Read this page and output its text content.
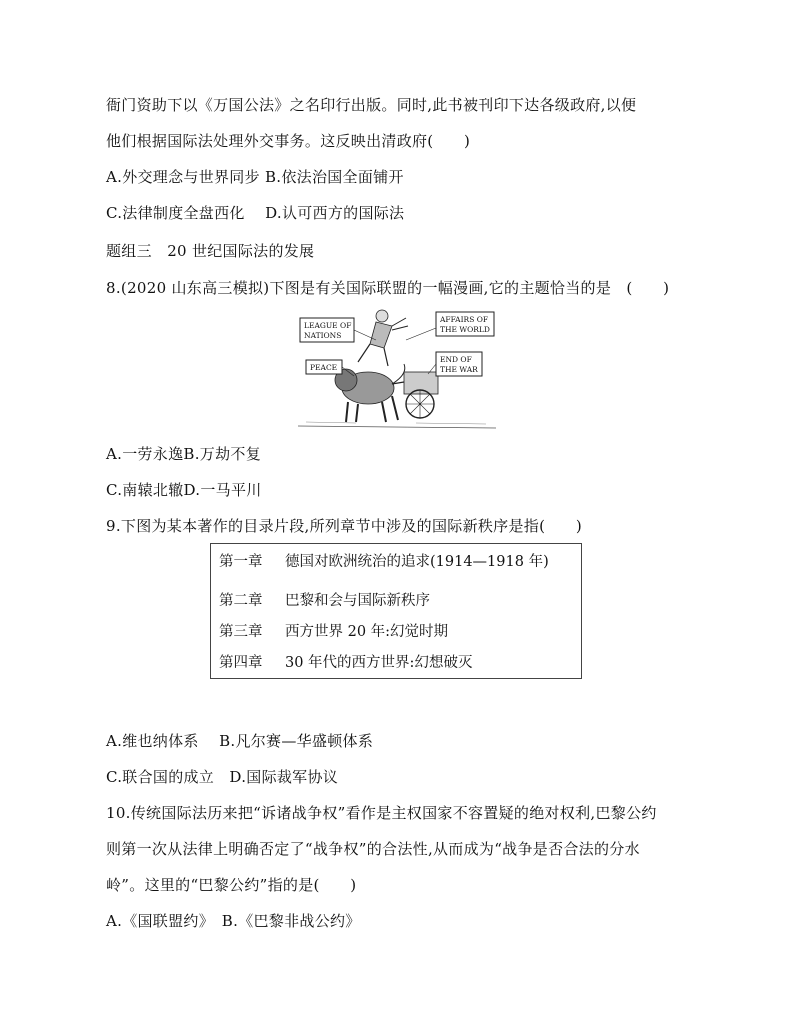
衙门资助下以《万国公法》之名印行出版。同时,此书被刊印下达各级政府,以便
他们根据国际法处理外交事务。这反映出清政府(　　)
A.外交理念与世界同步 B.依法治国全面铺开
C.法律制度全盘西化　 D.认可西方的国际法
题组三　20 世纪国际法的发展
8.(2020 山东高三模拟)下图是有关国际联盟的一幅漫画,它的主题恰当的是　(　　)
LEAGUE OF
NATIONS
AFFAIRS OF
THE WORLD
END OF
THE WAR
PEACE
A.一劳永逸B.万劫不复
C.南辕北辙D.一马平川
9.下图为某本著作的目录片段,所列章节中涉及的国际新秩序是指(　　)
第一章 德国对欧洲统治的追求(1914—1918 年)
第二章 巴黎和会与国际新秩序
第三章 西方世界 20 年:幻觉时期
第四章 30 年代的西方世界:幻想破灭
A.维也纳体系　 B.凡尔赛—华盛顿体系
C.联合国的成立　D.国际裁军协议
10.传统国际法历来把“诉诸战争权”看作是主权国家不容置疑的绝对权利,巴黎公约
则第一次从法律上明确否定了“战争权”的合法性,从而成为“战争是否合法的分水
岭”。这里的“巴黎公约”指的是(　　)
A.《国联盟约》　B.《巴黎非战公约》
